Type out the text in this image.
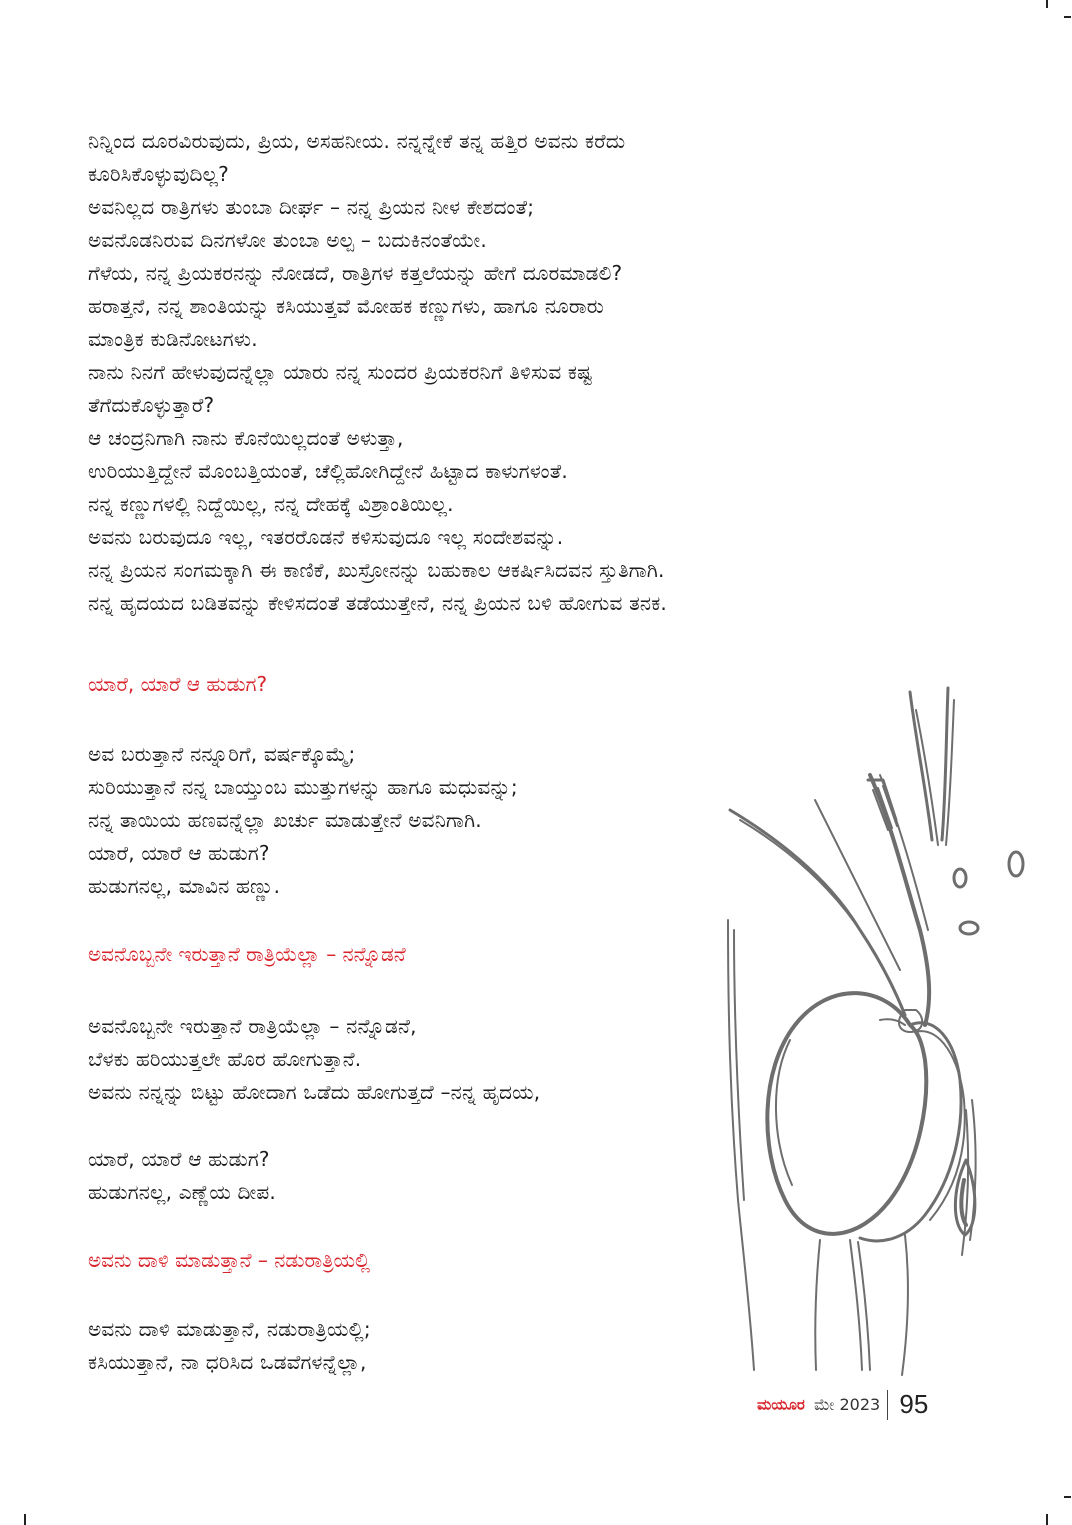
ನಿನ್ನಿಂದ ದೂರವಿರುವುದು, ಪ್ರಿಯ, ಅಸಹನೀಯ. ನನ್ನನ್ನೇಕೆ ತನ್ನ ಹತ್ತಿರ ಅವನು ಕರೆದು
ಕೂರಿಸಿಕೊಳ್ಳುವುದಿಲ್ಲ?
ಅವನಿಲ್ಲದ ರಾತ್ರಿಗಳು ತುಂಬಾ ದೀರ್ಘ – ನನ್ನ ಪ್ರಿಯನ ನೀಳ ಕೇಶದಂತೆ;
ಅವನೊಡನಿರುವ ದಿನಗಳೋ ತುಂಬಾ ಅಲ್ಪ – ಬದುಕಿನಂತೆಯೇ.
ಗೆಳೆಯ, ನನ್ನ ಪ್ರಿಯಕರನನ್ನು ನೋಡದೆ, ರಾತ್ರಿಗಳ ಕತ್ತಲೆಯನ್ನು ಹೇಗೆ ದೂರಮಾಡಲಿ?
ಹರಾತ್ತನೆ, ನನ್ನ ಶಾಂತಿಯನ್ನು ಕಸಿಯುತ್ತವೆ ಮೋಹಕ ಕಣ್ಣುಗಳು, ಹಾಗೂ ನೂರಾರು
ಮಾಂತ್ರಿಕ ಕುಡಿನೋಟಗಳು.
ನಾನು ನಿನಗೆ ಹೇಳುವುದನ್ನೆಲ್ಲಾ ಯಾರು ನನ್ನ ಸುಂದರ ಪ್ರಿಯಕರನಿಗೆ ತಿಳಿಸುವ ಕಷ್ಟ
ತೆಗೆದುಕೊಳ್ಳುತ್ತಾರೆ?
ಆ ಚಂದ್ರನಿಗಾಗಿ ನಾನು ಕೊನೆಯಿಲ್ಲದಂತೆ ಅಳುತ್ತಾ,
ಉರಿಯುತ್ತಿದ್ದೇನೆ ಮೊಂಬತ್ತಿಯಂತೆ, ಚೆಲ್ಲಿಹೋಗಿದ್ದೇನೆ ಹಿಟ್ಟಾದ ಕಾಳುಗಳಂತೆ.
ನನ್ನ ಕಣ್ಣುಗಳಲ್ಲಿ ನಿದ್ದೆಯಿಲ್ಲ, ನನ್ನ ದೇಹಕ್ಕೆ ವಿಶ್ರಾಂತಿಯಿಲ್ಲ.
ಅವನು ಬರುವುದೂ ಇಲ್ಲ, ಇತರರೊಡನೆ ಕಳಿಸುವುದೂ ಇಲ್ಲ ಸಂದೇಶವನ್ನು.
ನನ್ನ ಪ್ರಿಯನ ಸಂಗಮಕ್ಕಾಗಿ ಈ ಕಾಣಿಕೆ, ಖುಸ್ರೋನನ್ನು ಬಹುಕಾಲ ಆಕರ್ಷಿಸಿದವನ ಸ್ತುತಿಗಾಗಿ.
ನನ್ನ ಹೃದಯದ ಬಡಿತವನ್ನು ಕೇಳಿಸದಂತೆ ತಡೆಯುತ್ತೇನೆ, ನನ್ನ ಪ್ರಿಯನ ಬಳಿ ಹೋಗುವ ತನಕ.
ಯಾರೆ, ಯಾರೆ ಆ ಹುಡುಗ?
ಅವ ಬರುತ್ತಾನೆ ನನ್ನೂರಿಗೆ, ವರ್ಷಕ್ಕೊಮ್ಮೆ;
ಸುರಿಯುತ್ತಾನೆ ನನ್ನ ಬಾಯ್ತುಂಬ ಮುತ್ತುಗಳನ್ನು ಹಾಗೂ ಮಧುವನ್ನು;
ನನ್ನ ತಾಯಿಯ ಹಣವನ್ನೆಲ್ಲಾ ಖರ್ಚು ಮಾಡುತ್ತೇನೆ ಅವನಿಗಾಗಿ.
ಯಾರೆ, ಯಾರೆ ಆ ಹುಡುಗ?
ಹುಡುಗನಲ್ಲ, ಮಾವಿನ ಹಣ್ಣು.
ಅವನೊಬ್ಬನೇ ಇರುತ್ತಾನೆ ರಾತ್ರಿಯೆಲ್ಲಾ – ನನ್ನೊಡನೆ
ಅವನೊಬ್ಬನೇ ಇರುತ್ತಾನೆ ರಾತ್ರಿಯೆಲ್ಲಾ – ನನ್ನೊಡನೆ,
ಬೆಳಕು ಹರಿಯುತ್ತಲೇ ಹೊರ ಹೋಗುತ್ತಾನೆ.
ಅವನು ನನ್ನನ್ನು ಬಿಟ್ಟು ಹೋದಾಗ ಒಡೆದು ಹೋಗುತ್ತದೆ –ನನ್ನ ಹೃದಯ,
ಯಾರೆ, ಯಾರೆ ಆ ಹುಡುಗ?
ಹುಡುಗನಲ್ಲ, ಎಣ್ಣೆಯ ದೀಪ.
ಅವನು ದಾಳಿ ಮಾಡುತ್ತಾನೆ – ನಡುರಾತ್ರಿಯಲ್ಲಿ
ಅವನು ದಾಳಿ ಮಾಡುತ್ತಾನೆ, ನಡುರಾತ್ರಿಯಲ್ಲಿ;
ಕಸಿಯುತ್ತಾನೆ, ನಾ ಧರಿಸಿದ ಒಡವೆಗಳನ್ನೆಲ್ಲಾ,
ಮಯೂರ ಮೇ 2023 95
